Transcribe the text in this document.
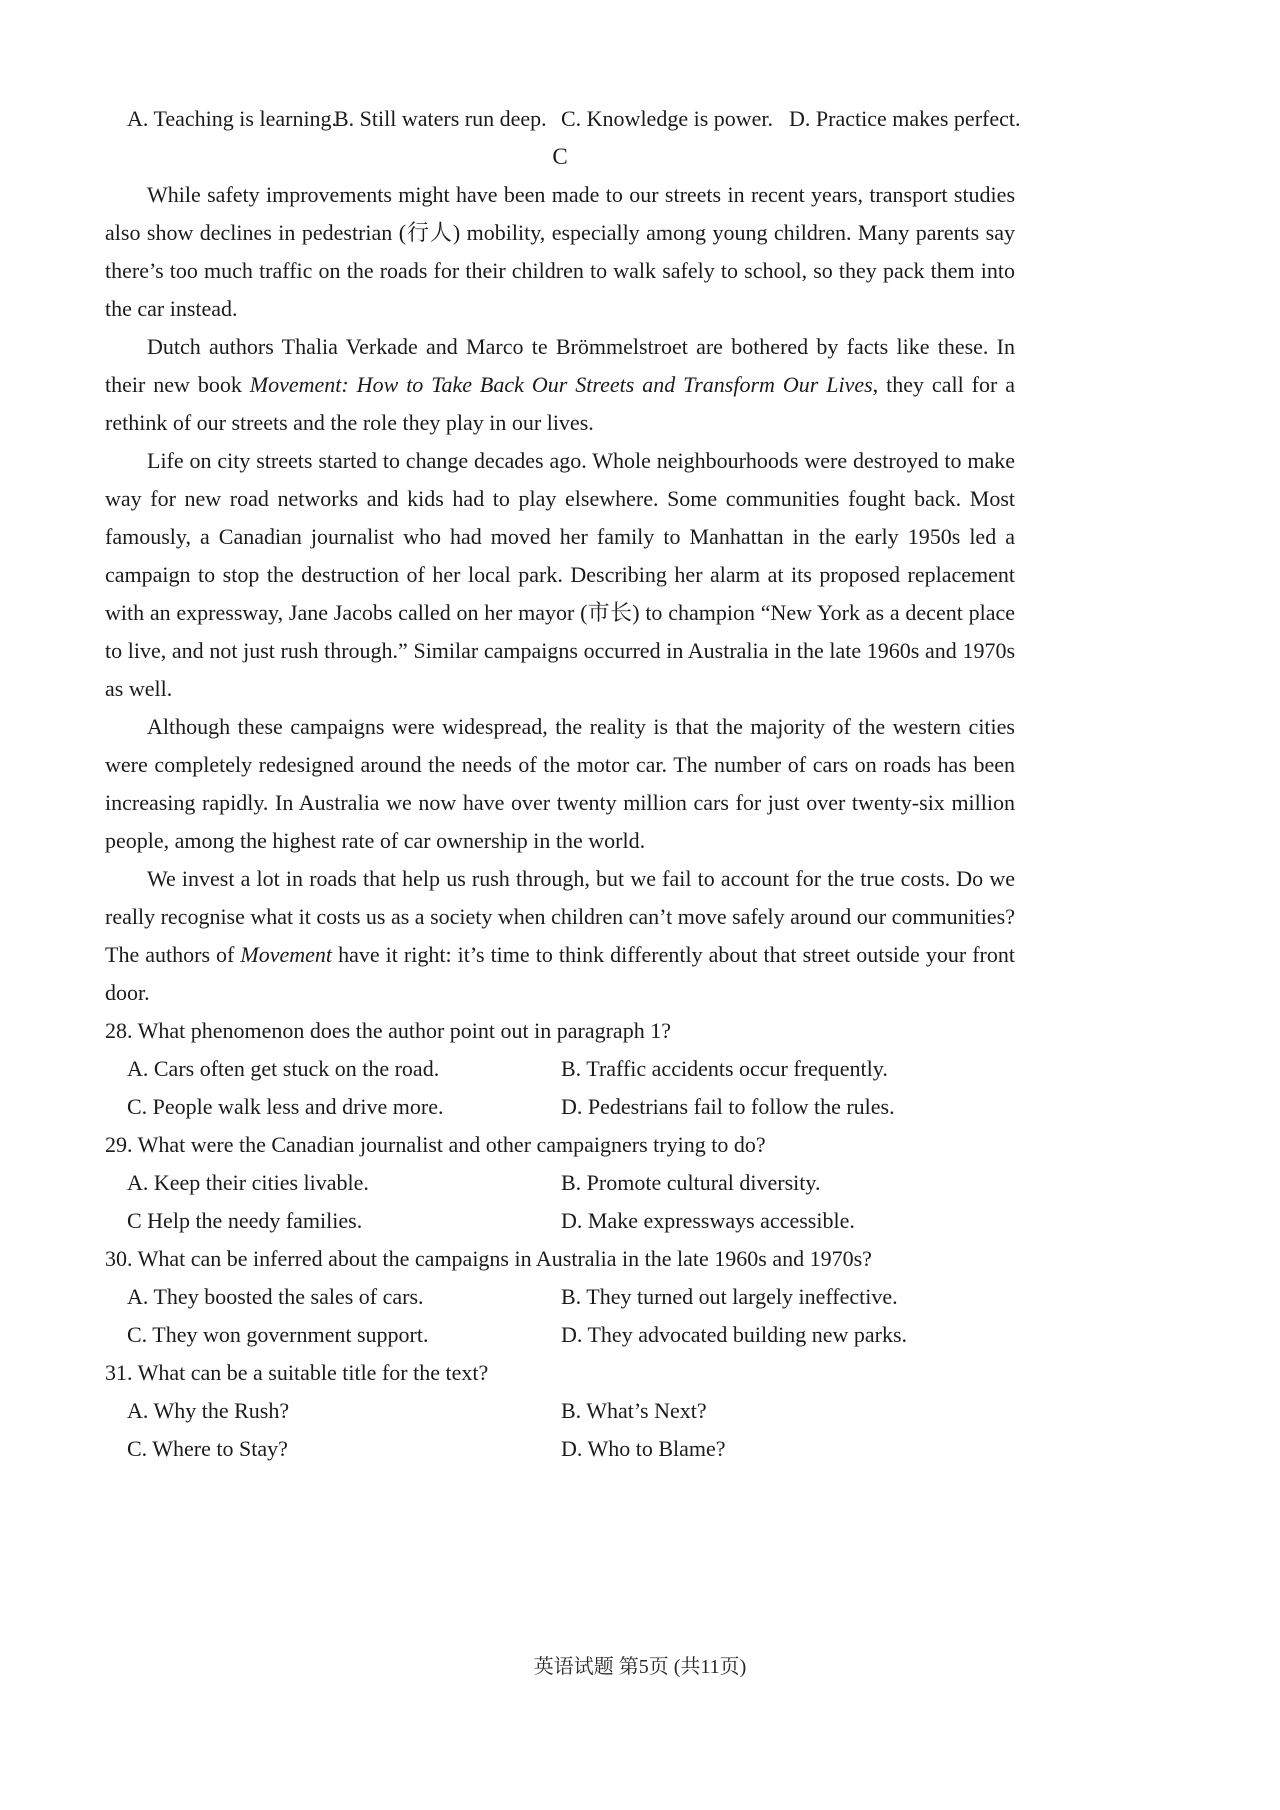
A. Teaching is learning.
B. Still waters run deep. C. Knowledge is power. D. Practice makes perfect.
C

While safety improvements might have been made to our streets in recent years, transport studies also show declines in pedestrian (行人) mobility, especially among young children. Many parents say there’s too much traffic on the roads for their children to walk safely to school, so they pack them into the car instead.

Dutch authors Thalia Verkade and Marco te Brömmelstroet are bothered by facts like these. In their new book Movement: How to Take Back Our Streets and Transform Our Lives, they call for a rethink of our streets and the role they play in our lives.

Life on city streets started to change decades ago. Whole neighbourhoods were destroyed to make way for new road networks and kids had to play elsewhere. Some communities fought back. Most famously, a Canadian journalist who had moved her family to Manhattan in the early 1950s led a campaign to stop the destruction of her local park. Describing her alarm at its proposed replacement with an expressway, Jane Jacobs called on her mayor (市长) to champion “New York as a decent place to live, and not just rush through.” Similar campaigns occurred in Australia in the late 1960s and 1970s as well.

Although these campaigns were widespread, the reality is that the majority of the western cities were completely redesigned around the needs of the motor car. The number of cars on roads has been increasing rapidly. In Australia we now have over twenty million cars for just over twenty-six million people, among the highest rate of car ownership in the world.

We invest a lot in roads that help us rush through, but we fail to account for the true costs. Do we really recognise what it costs us as a society when children can’t move safely around our communities? The authors of Movement have it right: it’s time to think differently about that street outside your front door.

28. What phenomenon does the author point out in paragraph 1?
A. Cars often get stuck on the road.	B. Traffic accidents occur frequently.
C. People walk less and drive more.	D. Pedestrians fail to follow the rules.
29. What were the Canadian journalist and other campaigners trying to do?
A. Keep their cities livable.	B. Promote cultural diversity.
C Help the needy families.	D. Make expressways accessible.
30. What can be inferred about the campaigns in Australia in the late 1960s and 1970s?
A. They boosted the sales of cars.	B. They turned out largely ineffective.
C. They won government support.	D. They advocated building new parks.
31. What can be a suitable title for the text?
A. Why the Rush?	B. What’s Next?
C. Where to Stay?	D. Who to Blame?
英语试题 第5页 (共11页)
